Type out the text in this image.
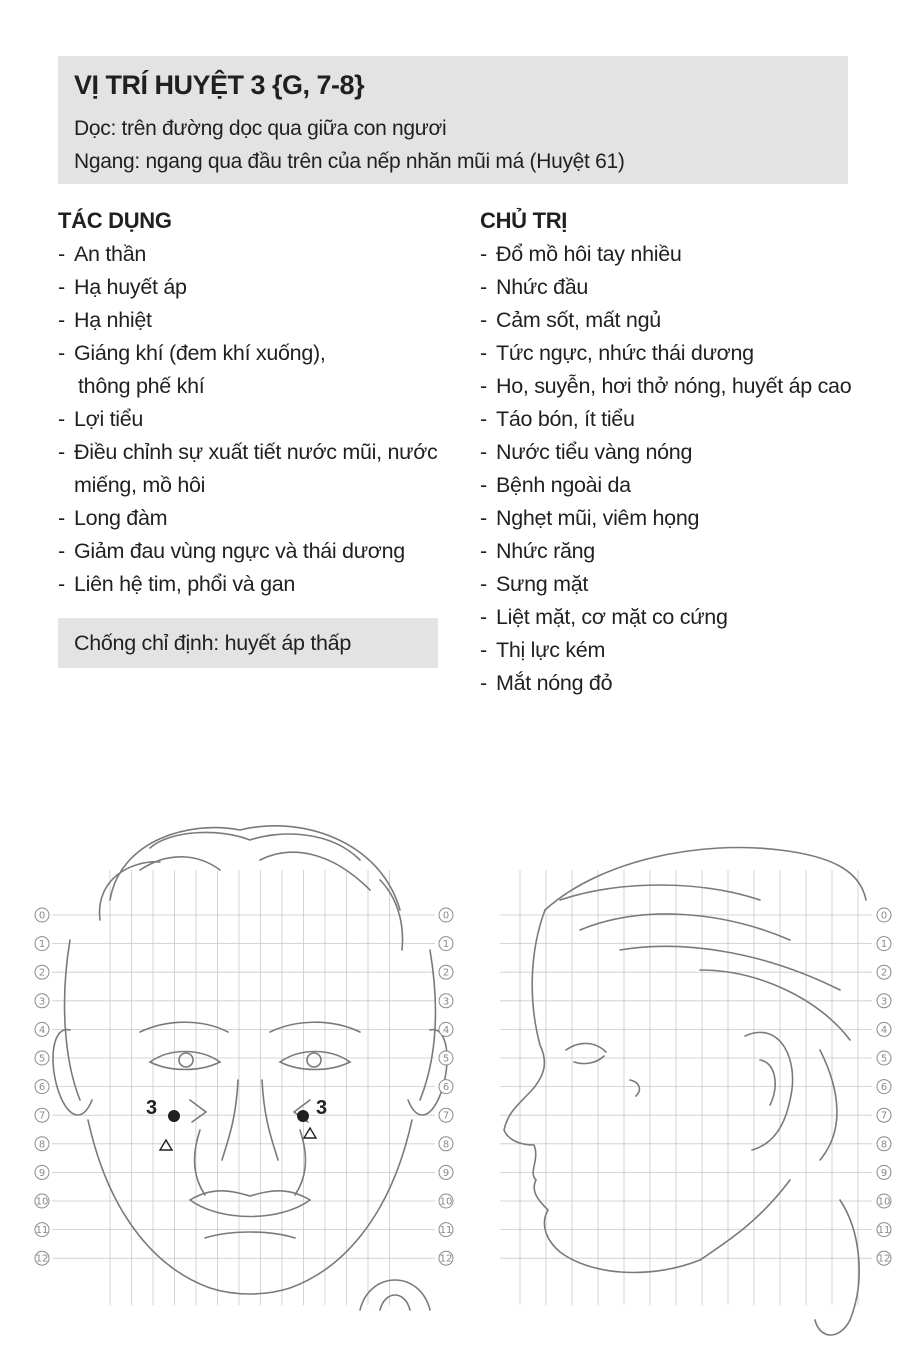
VỊ TRÍ HUYỆT 3 {G, 7-8}
Dọc: trên đường dọc qua giữa con ngươi
Ngang: ngang qua đầu trên của nếp nhăn mũi má (Huyệt 61)
TÁC DỤNG
- An thần
- Hạ huyết áp
- Hạ nhiệt
- Giáng khí (đem khí xuống),
thông phế khí
- Lợi tiểu
- Điều chỉnh sự xuất tiết nước mũi, nước
miếng, mồ hôi
- Long đàm
- Giảm đau vùng ngực và thái dương
- Liên hệ tim, phổi và gan
Chống chỉ định: huyết áp thấp
CHỦ TRỊ
- Đổ mồ hôi tay nhiều
- Nhức đầu
- Cảm sốt, mất ngủ
- Tức ngực, nhức thái dương
- Ho, suyễn, hơi thở nóng, huyết áp cao
- Táo bón, ít tiểu
- Nước tiểu vàng nóng
- Bệnh ngoài da
- Nghẹt mũi, viêm họng
- Nhức răng
- Sưng mặt
- Liệt mặt, cơ mặt co cứng
- Thị lực kém
- Mắt nóng đỏ
3	3
0	0	0
1	1	1
2	2	2
3	3	3
4	4	4
5	5	5
6	6	6
7	7	7
8	8	8
9	9	9
10	10	10
11	11	11
12	12	12
